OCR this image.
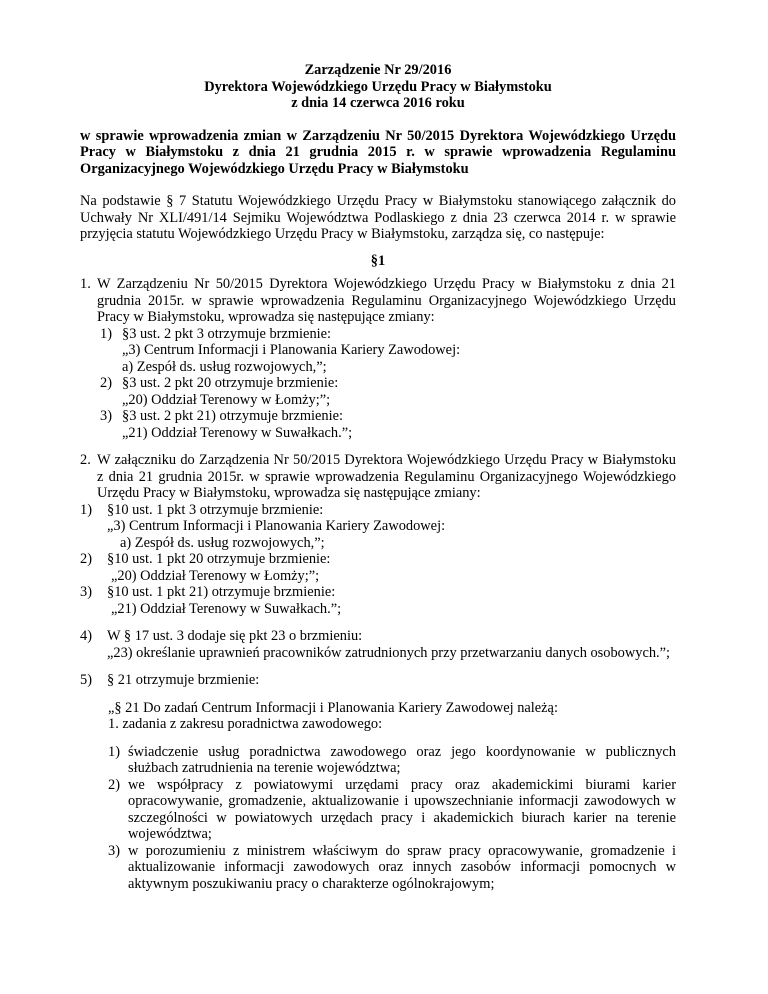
Zarządzenie Nr 29/2016
Dyrektora Wojewódzkiego Urzędu Pracy w Białymstoku
z dnia 14 czerwca 2016 roku
w sprawie wprowadzenia zmian w Zarządzeniu Nr 50/2015 Dyrektora Wojewódzkiego Urzędu Pracy w Białymstoku z dnia 21 grudnia 2015 r. w sprawie wprowadzenia Regulaminu Organizacyjnego Wojewódzkiego Urzędu Pracy w Białymstoku
Na podstawie § 7 Statutu Wojewódzkiego Urzędu Pracy w Białymstoku stanowiącego załącznik do Uchwały Nr XLI/491/14 Sejmiku Województwa Podlaskiego z dnia 23 czerwca 2014 r. w sprawie przyjęcia statutu Wojewódzkiego Urzędu Pracy w Białymstoku, zarządza się, co następuje:
§1
1. W Zarządzeniu Nr 50/2015 Dyrektora Wojewódzkiego Urzędu Pracy w Białymstoku z dnia 21 grudnia 2015r. w sprawie wprowadzenia Regulaminu Organizacyjnego Wojewódzkiego Urzędu Pracy w Białymstoku, wprowadza się następujące zmiany:
1) §3 ust. 2 pkt 3 otrzymuje brzmienie:
„3) Centrum Informacji i Planowania Kariery Zawodowej:
a) Zespół ds. usług rozwojowych,”;
2) §3 ust. 2 pkt 20 otrzymuje brzmienie:
„20) Oddział Terenowy w Łomży;”;
3) §3 ust. 2 pkt 21) otrzymuje brzmienie:
„21) Oddział Terenowy w Suwałkach.”;
2. W załączniku do Zarządzenia Nr 50/2015 Dyrektora Wojewódzkiego Urzędu Pracy w Białymstoku z dnia 21 grudnia 2015r. w sprawie wprowadzenia Regulaminu Organizacyjnego Wojewódzkiego Urzędu Pracy w Białymstoku, wprowadza się następujące zmiany:
1)	§10 ust. 1 pkt 3 otrzymuje brzmienie:
„3) Centrum Informacji i Planowania Kariery Zawodowej:
a) Zespół ds. usług rozwojowych,”;
2)	§10 ust. 1 pkt 20 otrzymuje brzmienie:
„20) Oddział Terenowy w Łomży;”;
3)	§10 ust. 1 pkt 21) otrzymuje brzmienie:
„21) Oddział Terenowy w Suwałkach.”;
4)	W § 17 ust. 3 dodaje się pkt 23 o brzmieniu:
„23) określanie uprawnień pracowników zatrudnionych przy przetwarzaniu danych osobowych.”;
5)	§ 21 otrzymuje brzmienie:
„§ 21 Do zadań Centrum Informacji i Planowania Kariery Zawodowej należą:
1. zadania z zakresu poradnictwa zawodowego:
1) świadczenie usług poradnictwa zawodowego oraz jego koordynowanie w publicznych służbach zatrudnienia na terenie województwa;
2) we współpracy z powiatowymi urzędami pracy oraz akademickimi biurami karier opracowywanie, gromadzenie, aktualizowanie i upowszechnianie informacji zawodowych w szczególności w powiatowych urzędach pracy i akademickich biurach karier na terenie województwa;
3) w porozumieniu z ministrem właściwym do spraw pracy opracowywanie, gromadzenie i aktualizowanie informacji zawodowych oraz innych zasobów informacji pomocnych w aktywnym poszukiwaniu pracy o charakterze ogólnokrajowym;
